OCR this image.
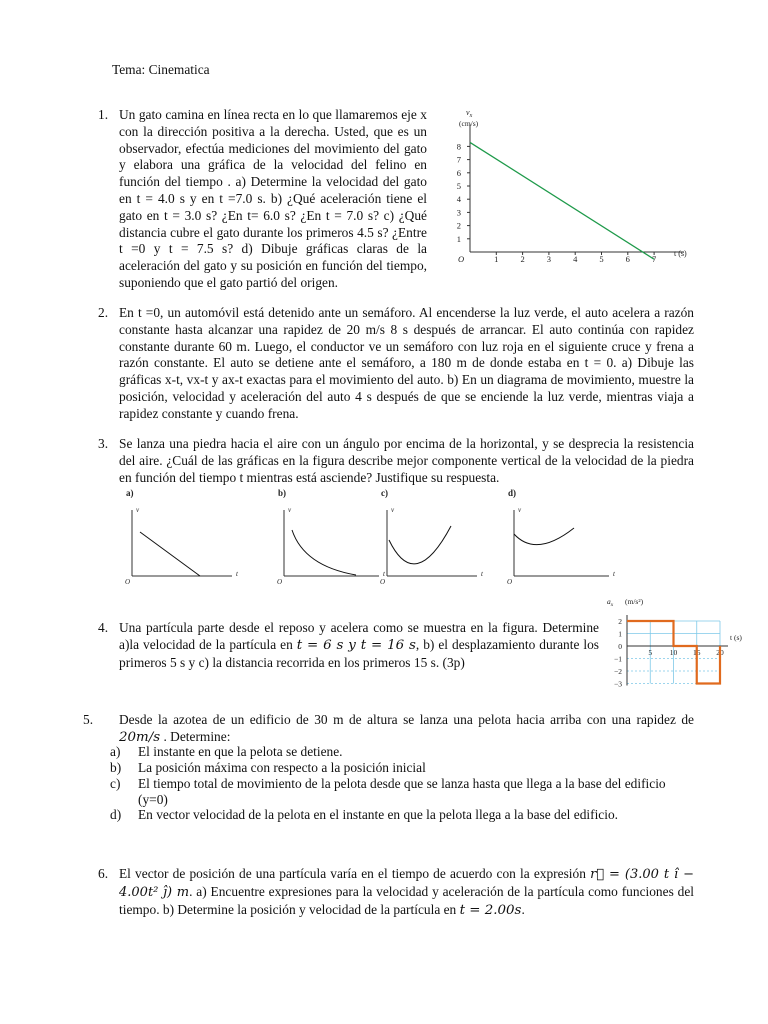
Tema: Cinematica
1. Un gato camina en línea recta en lo que llamaremos eje x con la dirección positiva a la derecha. Usted, que es un observador, efectúa mediciones del movimiento del gato y elabora una gráfica de la velocidad del felino en función del tiempo . a) Determine la velocidad del gato en t = 4.0 s y en t =7.0 s. b) ¿Qué aceleración tiene el gato en t = 3.0 s? ¿En t= 6.0 s? ¿En t = 7.0 s? c) ¿Qué distancia cubre el gato durante los primeros 4.5 s? ¿Entre t =0 y t = 7.5 s? d) Dibuje gráficas claras de la aceleración del gato y su posición en función del tiempo, suponiendo que el gato partió del origen.
1
2
3
4
5
6
7
8
1	2	3	4	5	6	7
O
$v_x$
(cm/s)
t (s)
2. En t =0, un automóvil está detenido ante un semáforo. Al encenderse la luz verde, el auto acelera a razón constante hasta alcanzar una rapidez de 20 m/s 8 s después de arrancar. El auto continúa con rapidez constante durante 60 m. Luego, el conductor ve un semáforo con luz roja en el siguiente cruce y frena a razón constante. El auto se detiene ante el semáforo, a 180 m de donde estaba en t = 0. a) Dibuje las gráficas x-t, vx-t y ax-t exactas para el movimiento del auto. b) En un diagrama de movimiento, muestre la posición, velocidad y aceleración del auto 4 s después de que se enciende la luz verde, mientras viaja a rapidez constante y cuando frena.
3. Se lanza una piedra hacia el aire con un ángulo por encima de la horizontal, y se desprecia la resistencia del aire. ¿Cuál de las gráficas en la figura describe mejor componente vertical de la velocidad de la piedra en función del tiempo t mientras está asciende? Justifique su respuesta.
a)
v
t
O
b)
v
t
O
c)
v
t
O
d)
v
t
O
4. Una partícula parte desde el reposo y acelera como se muestra en la figura. Determine a)la velocidad de la partícula en t = 6 s y t = 16 s, b) el desplazamiento durante los primeros 5 s y c) la distancia recorrida en los primeros 15 s. (3p)
2
1
0
−1
−2
−3
5 10 15 20
$a_x$ (m/s²)
t (s)
5. Desde la azotea de un edificio de 30 m de altura se lanza una pelota hacia arriba con una rapidez de 20m/s . Determine:
a) El instante en que la pelota se detiene.
b) La posición máxima con respecto a la posición inicial
c) El tiempo total de movimiento de la pelota desde que se lanza hasta que llega a la base del edificio
(y=0)
d) En vector velocidad de la pelota en el instante en que la pelota llega a la base del edificio.
6. El vector de posición de una partícula varía en el tiempo de acuerdo con la expresión r⃗ = (3.00 t î − 4.00t² ĵ) m. a) Encuentre expresiones para la velocidad y aceleración de la partícula como funciones del tiempo. b) Determine la posición y velocidad de la partícula en t = 2.00s.
